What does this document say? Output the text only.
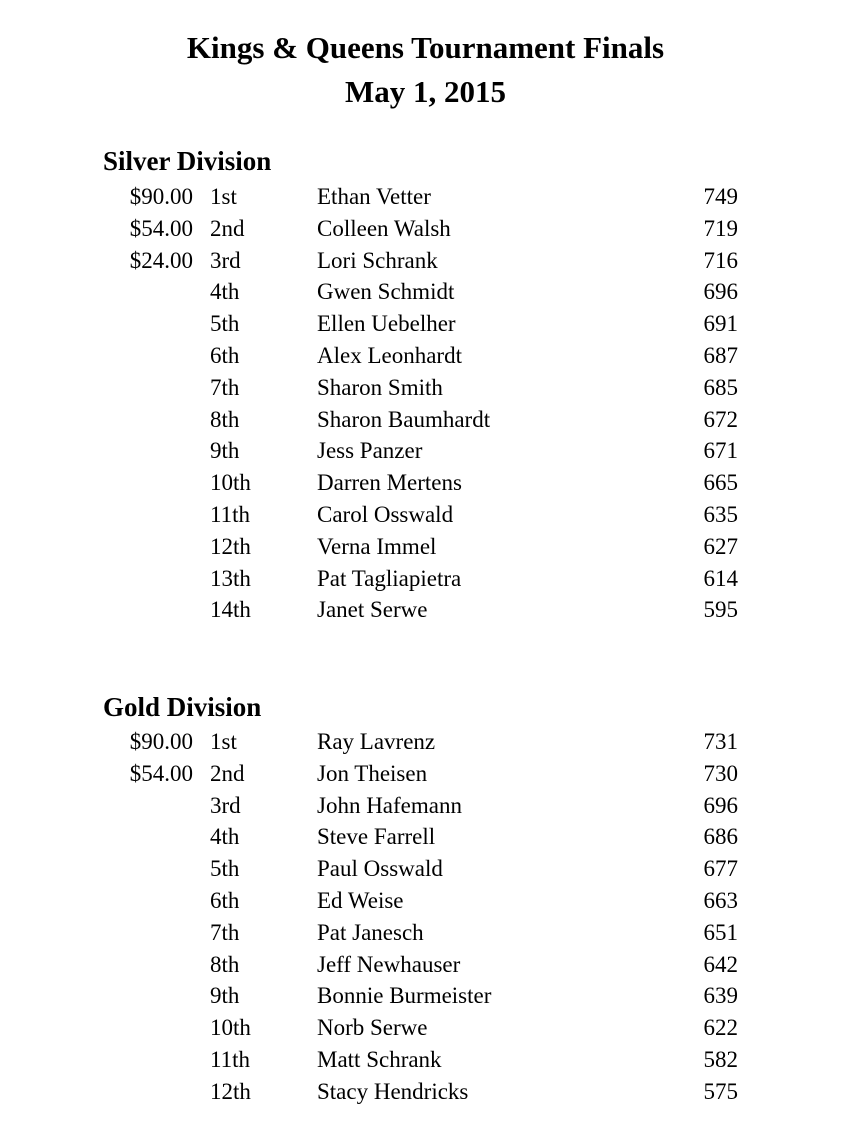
Kings & Queens Tournament Finals
May 1, 2015
Silver Division
$90.00 1st	Ethan Vetter	749
$54.00 2nd	Colleen Walsh	719
$24.00 3rd	Lori Schrank	716
4th	Gwen Schmidt	696
5th	Ellen Uebelher	691
6th	Alex Leonhardt	687
7th	Sharon Smith	685
8th	Sharon Baumhardt	672
9th	Jess Panzer	671
10th	Darren Mertens	665
11th	Carol Osswald	635
12th	Verna Immel	627
13th	Pat Tagliapietra	614
14th	Janet Serwe	595
Gold Division
$90.00 1st	Ray Lavrenz	731
$54.00 2nd	Jon Theisen	730
3rd	John Hafemann	696
4th	Steve Farrell	686
5th	Paul Osswald	677
6th	Ed Weise	663
7th	Pat Janesch	651
8th	Jeff Newhauser	642
9th	Bonnie Burmeister	639
10th	Norb Serwe	622
11th	Matt Schrank	582
12th	Stacy Hendricks	575
